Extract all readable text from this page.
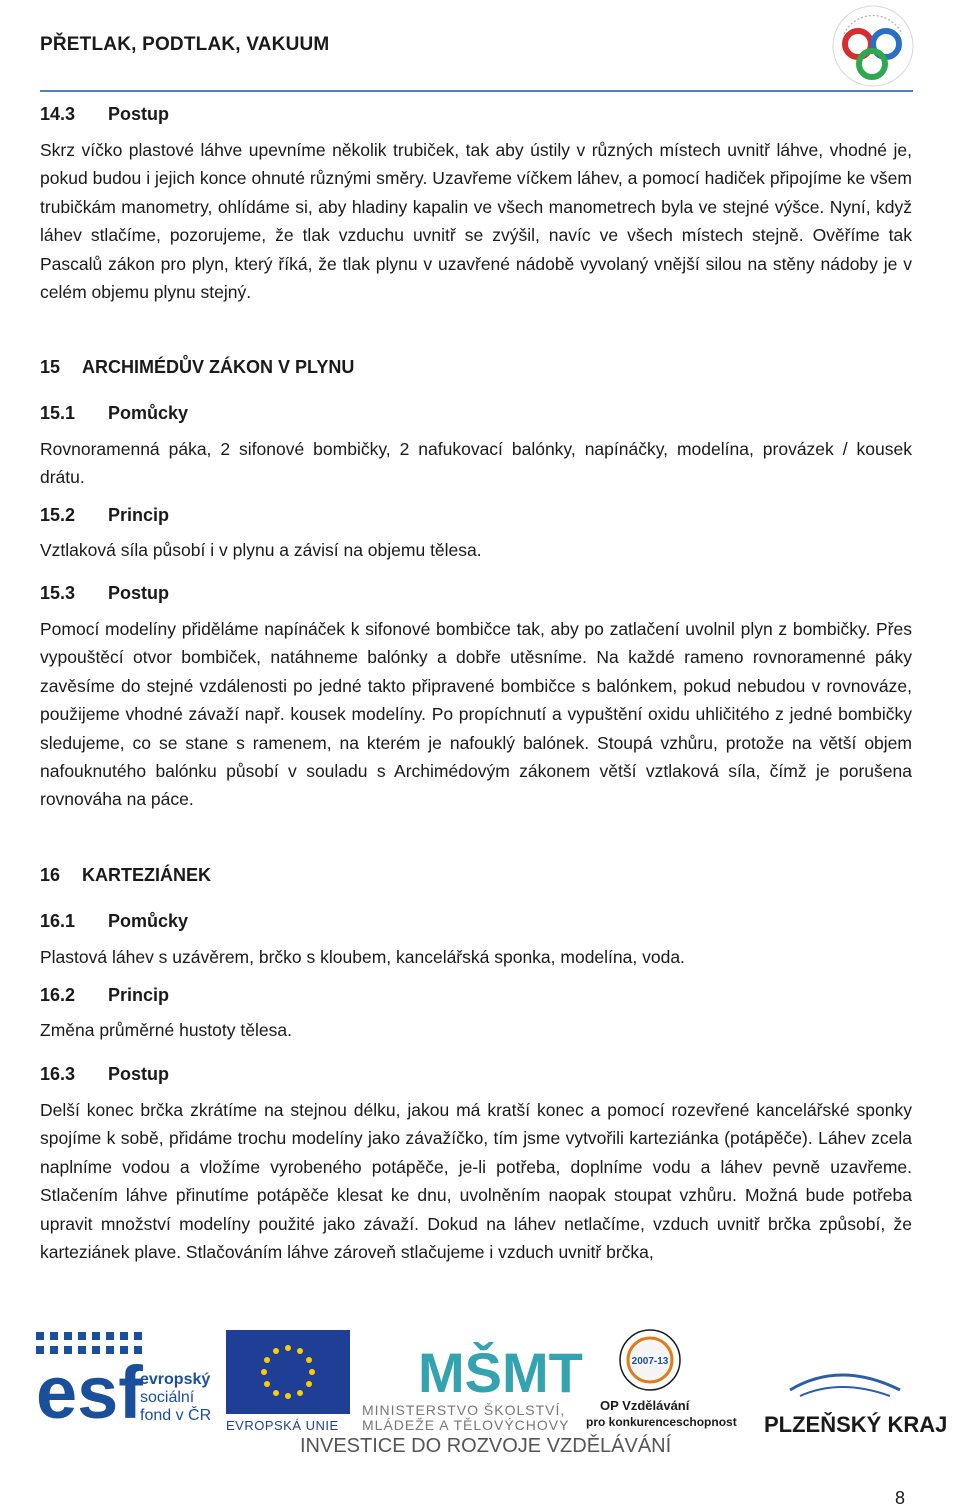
PŘETLAK, PODTLAK, VAKUUM
14.3 Postup
Skrz víčko plastové láhve upevníme několik trubiček, tak aby ústily v různých místech uvnitř láhve, vhodné je, pokud budou i jejich konce ohnuté různými směry. Uzavřeme víčkem láhev, a pomocí hadiček připojíme ke všem trubičkám manometry, ohlídáme si, aby hladiny kapalin ve všech manometrech byla ve stejné výšce. Nyní, když láhev stlačíme, pozorujeme, že tlak vzduchu uvnitř se zvýšil, navíc ve všech místech stejně. Ověříme tak Pascalů zákon pro plyn, který říká, že tlak plynu v uzavřené nádobě vyvolaný vnější silou na stěny nádoby je v celém objemu plynu stejný.
15 ARCHIMÉDŮV ZÁKON V PLYNU
15.1 Pomůcky
Rovnoramenná páka, 2 sifonové bombičky, 2 nafukovací balónky, napínáčky, modelína, provázek / kousek drátu.
15.2 Princip
Vztlaková síla působí i v plynu a závisí na objemu tělesa.
15.3 Postup
Pomocí modelíny přiděláme napínáček k sifonové bombičce tak, aby po zatlačení uvolnil plyn z bombičky. Přes vypouštěcí otvor bombiček, natáhneme balónky a dobře utěsníme. Na každé rameno rovnoramenné páky zavěsíme do stejné vzdálenosti po jedné takto připravené bombičce s balónkem, pokud nebudou v rovnováze, použijeme vhodné závaží např. kousek modelíny. Po propíchnutí a vypuštění oxidu uhličitého z jedné bombičky sledujeme, co se stane s ramenem, na kterém je nafouklý balónek. Stoupá vzhůru, protože na větší objem nafouknutého balónku působí v souladu s Archimédovým zákonem větší vztlaková síla, čímž je porušena rovnováha na páce.
16 KARTEZIÁNEK
16.1 Pomůcky
Plastová láhev s uzávěrem, brčko s kloubem, kancelářská sponka, modelína, voda.
16.2 Princip
Změna průměrné hustoty tělesa.
16.3 Postup
Delší konec brčka zkrátíme na stejnou délku, jakou má kratší konec a pomocí rozevřené kancelářské sponky spojíme k sobě, přidáme trochu modelíny jako závažíčko, tím jsme vytvořili karteziánka (potápěče). Láhev zcela naplníme vodou a vložíme vyrobeného potápěče, je-li potřeba, doplníme vodu a láhev pevně uzavřeme. Stlačením láhve přinutíme potápěče klesat ke dnu, uvolněním naopak stoupat vzhůru. Možná bude potřeba upravit množství modelíny použité jako závaží. Dokud na láhev netlačíme, vzduch uvnitř brčka způsobí, že karteziánek plave. Stlačováním láhve zároveň stlačujeme i vzduch uvnitř brčka,
esf
evropský
sociální
fond v ČR
EVROPSKÁ UNIE
MŠMT
MINISTERSTVO ŠKOLSTVÍ,
MLÁDEŽE A TĚLOVÝCHOVY
2007-13
OP Vzdělávání
pro konkurenceschopnost PLZEŇSKÝ KRAJ
INVESTICE DO ROZVOJE VZDĚLÁVÁNÍ
8
